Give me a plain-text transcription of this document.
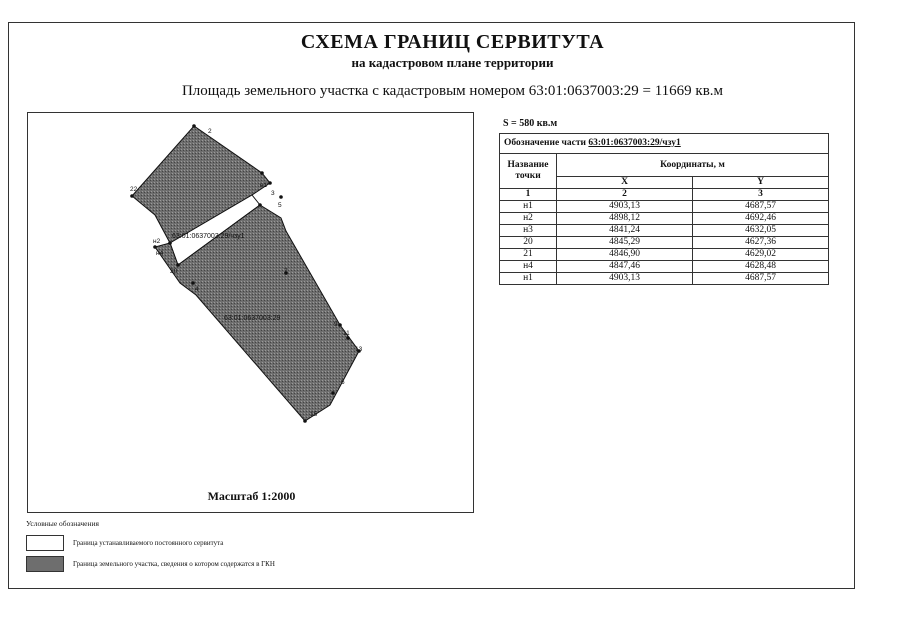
СХЕМА ГРАНИЦ СЕРВИТУТА
на кадастровом плане территории
Площадь земельного участка с кадастровым номером 63:01:0637003:29 = 11669 кв.м
2
22
н1
3
5
н2
н4
20
4
7
9
11
13
6
15
63:01:0637003:29/чзу1
63:01:0637003:29
Масштаб 1:2000
S = 580 кв.м
Обозначение части 63:01:0637003:29/чзу1		
Название точки	Координаты, м	
	X	Y
1	2	3
н1	4903,13	4687,57
н2	4898,12	4692,46
н3	4841,24	4632,05
20	4845,29	4627,36
21	4846,90	4629,02
н4	4847,46	4628,48
н1	4903,13	4687,57
Условные обозначения
Граница устанавливаемого постоянного сервитута
Граница земельного участка, сведения о котором содержатся в ГКН
